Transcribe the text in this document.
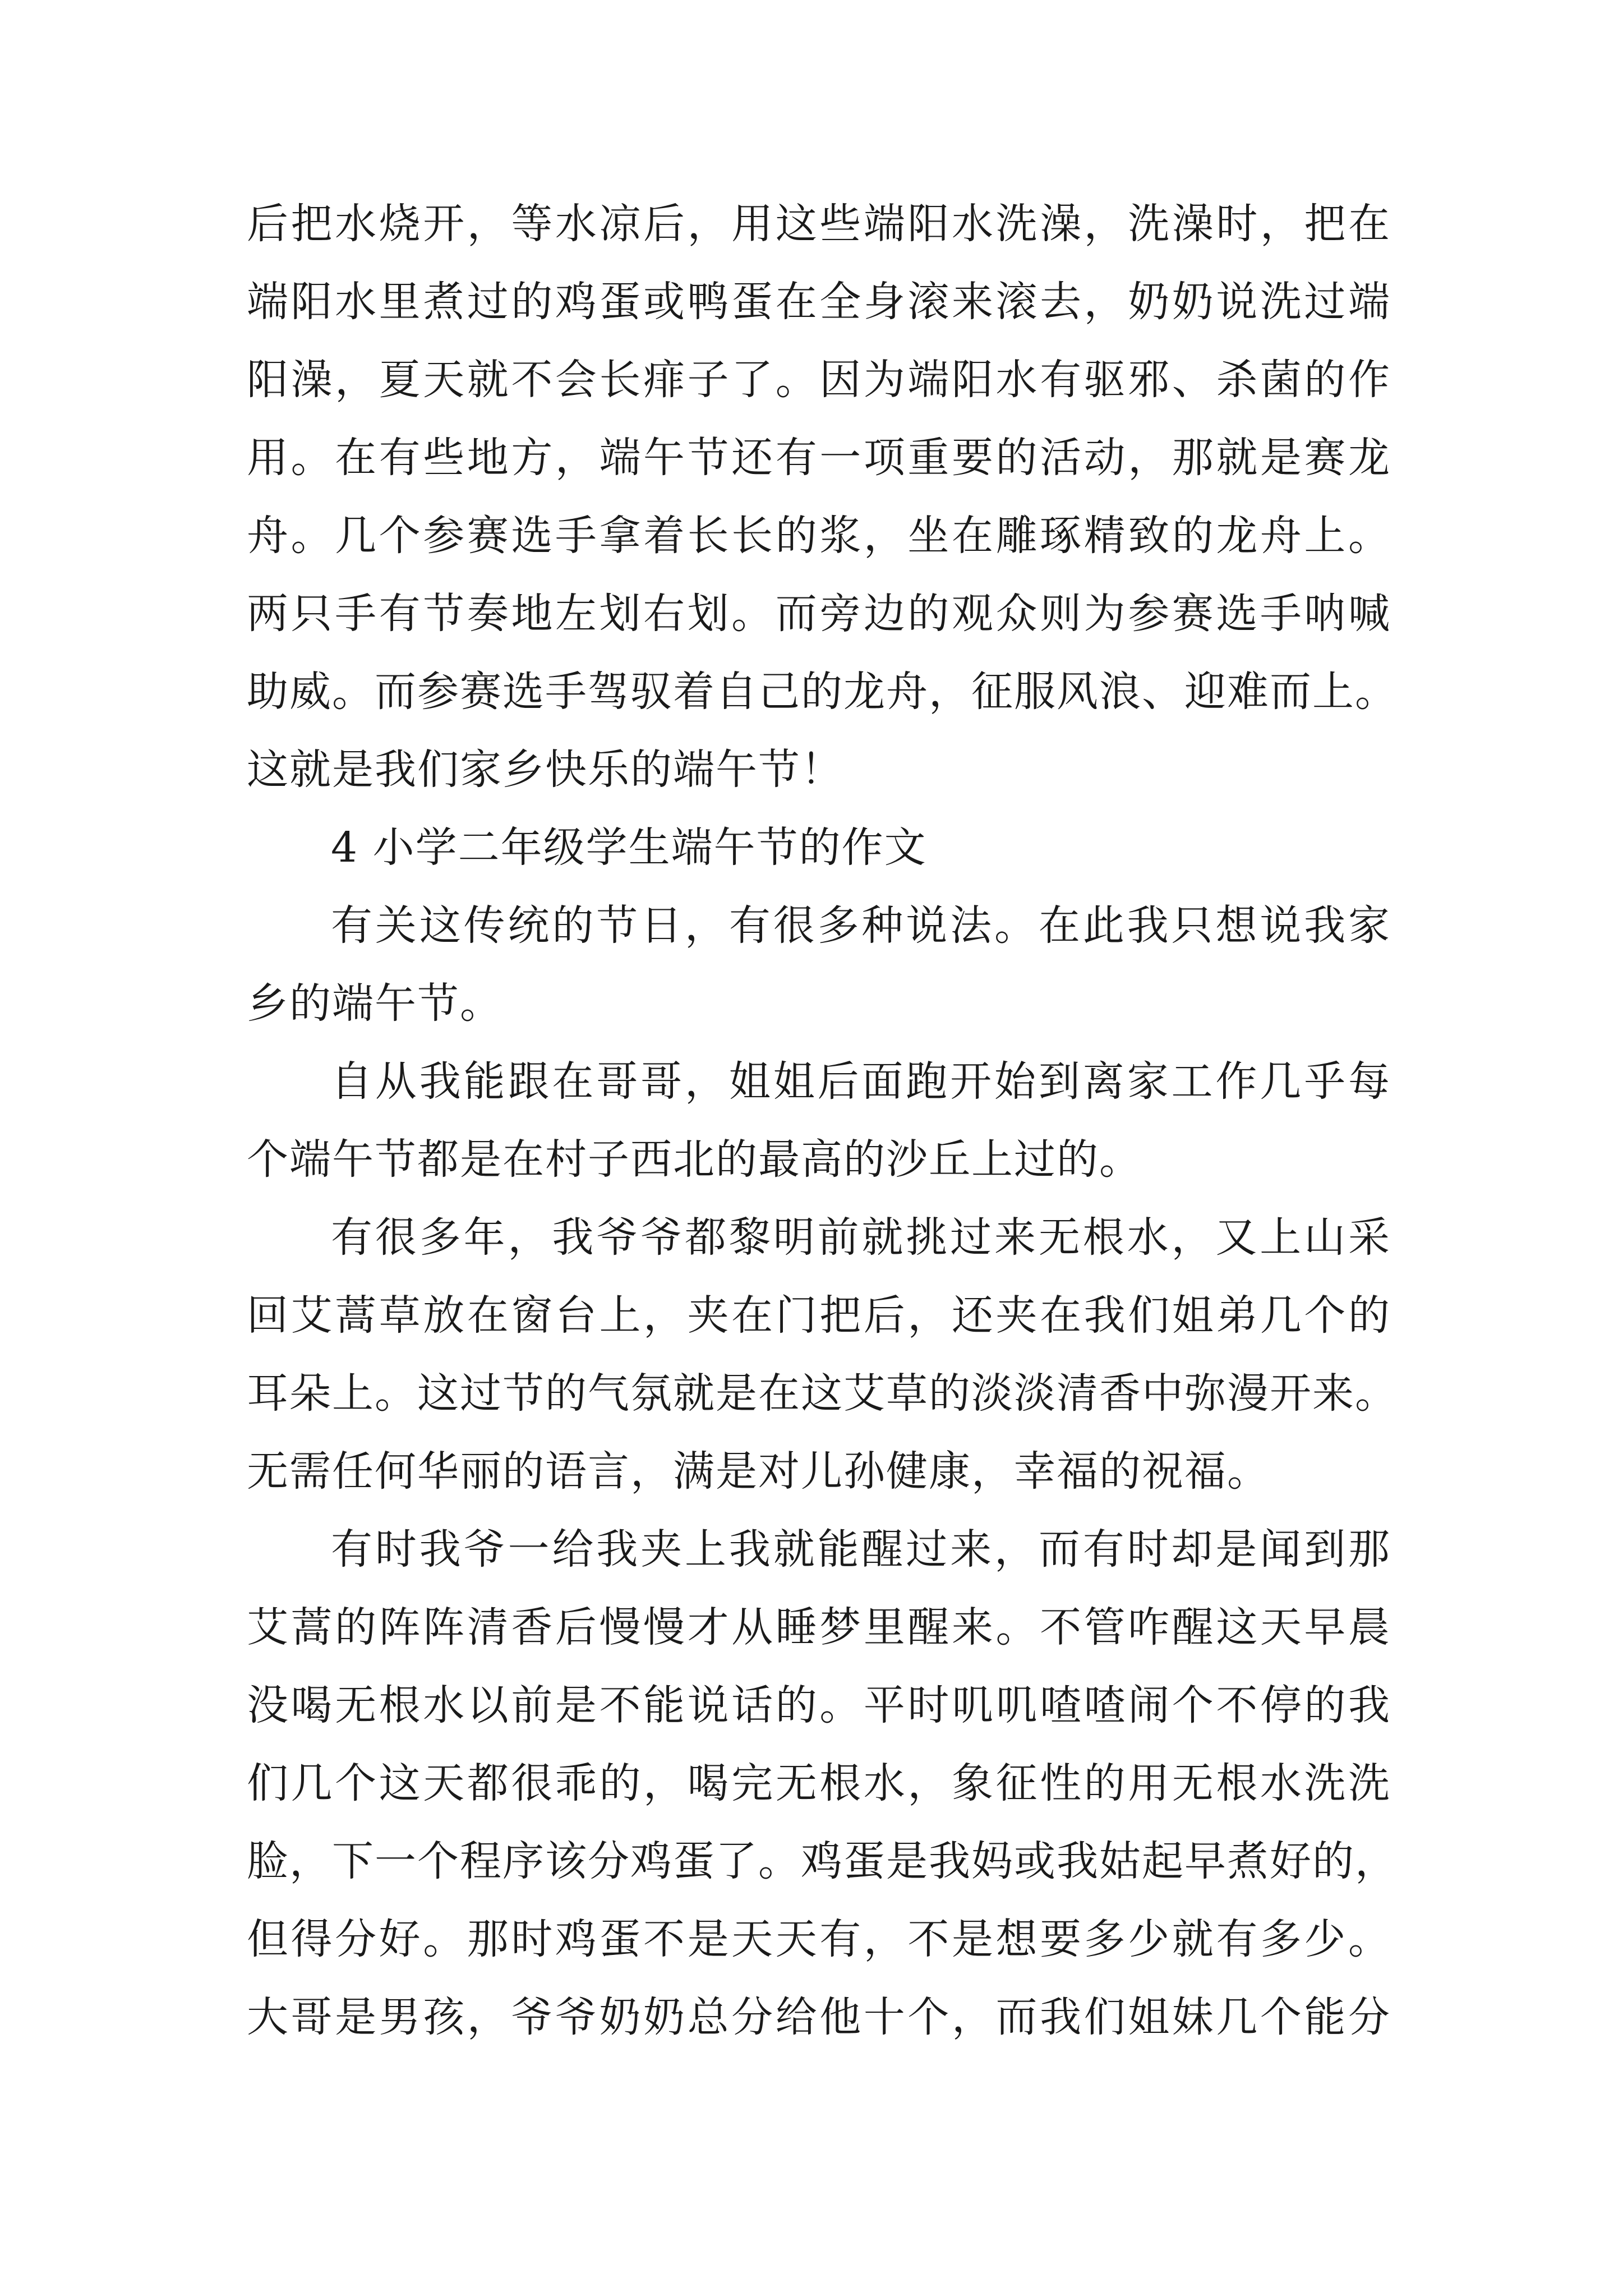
后把水烧开，等水凉后，用这些端阳水洗澡，洗澡时，把在
端阳水里煮过的鸡蛋或鸭蛋在全身滚来滚去，奶奶说洗过端
阳澡，夏天就不会长痱子了。因为端阳水有驱邪、杀菌的作
用。在有些地方，端午节还有一项重要的活动，那就是赛龙
舟。几个参赛选手拿着长长的浆，坐在雕琢精致的龙舟上。
两只手有节奏地左划右划。而旁边的观众则为参赛选手呐喊
助威。而参赛选手驾驭着自己的龙舟，征服风浪、迎难而上。
这就是我们家乡快乐的端午节！
4 小学二年级学生端午节的作文
有关这传统的节日，有很多种说法。在此我只想说我家
乡的端午节。
自从我能跟在哥哥，姐姐后面跑开始到离家工作几乎每
个端午节都是在村子西北的最高的沙丘上过的。
有很多年，我爷爷都黎明前就挑过来无根水，又上山采
回艾蒿草放在窗台上，夹在门把后，还夹在我们姐弟几个的
耳朵上。这过节的气氛就是在这艾草的淡淡清香中弥漫开来。
无需任何华丽的语言，满是对儿孙健康，幸福的祝福。
有时我爷一给我夹上我就能醒过来，而有时却是闻到那
艾蒿的阵阵清香后慢慢才从睡梦里醒来。不管咋醒这天早晨
没喝无根水以前是不能说话的。平时叽叽喳喳闹个不停的我
们几个这天都很乖的，喝完无根水，象征性的用无根水洗洗
脸，下一个程序该分鸡蛋了。鸡蛋是我妈或我姑起早煮好的，
但得分好。那时鸡蛋不是天天有，不是想要多少就有多少。
大哥是男孩，爷爷奶奶总分给他十个，而我们姐妹几个能分
